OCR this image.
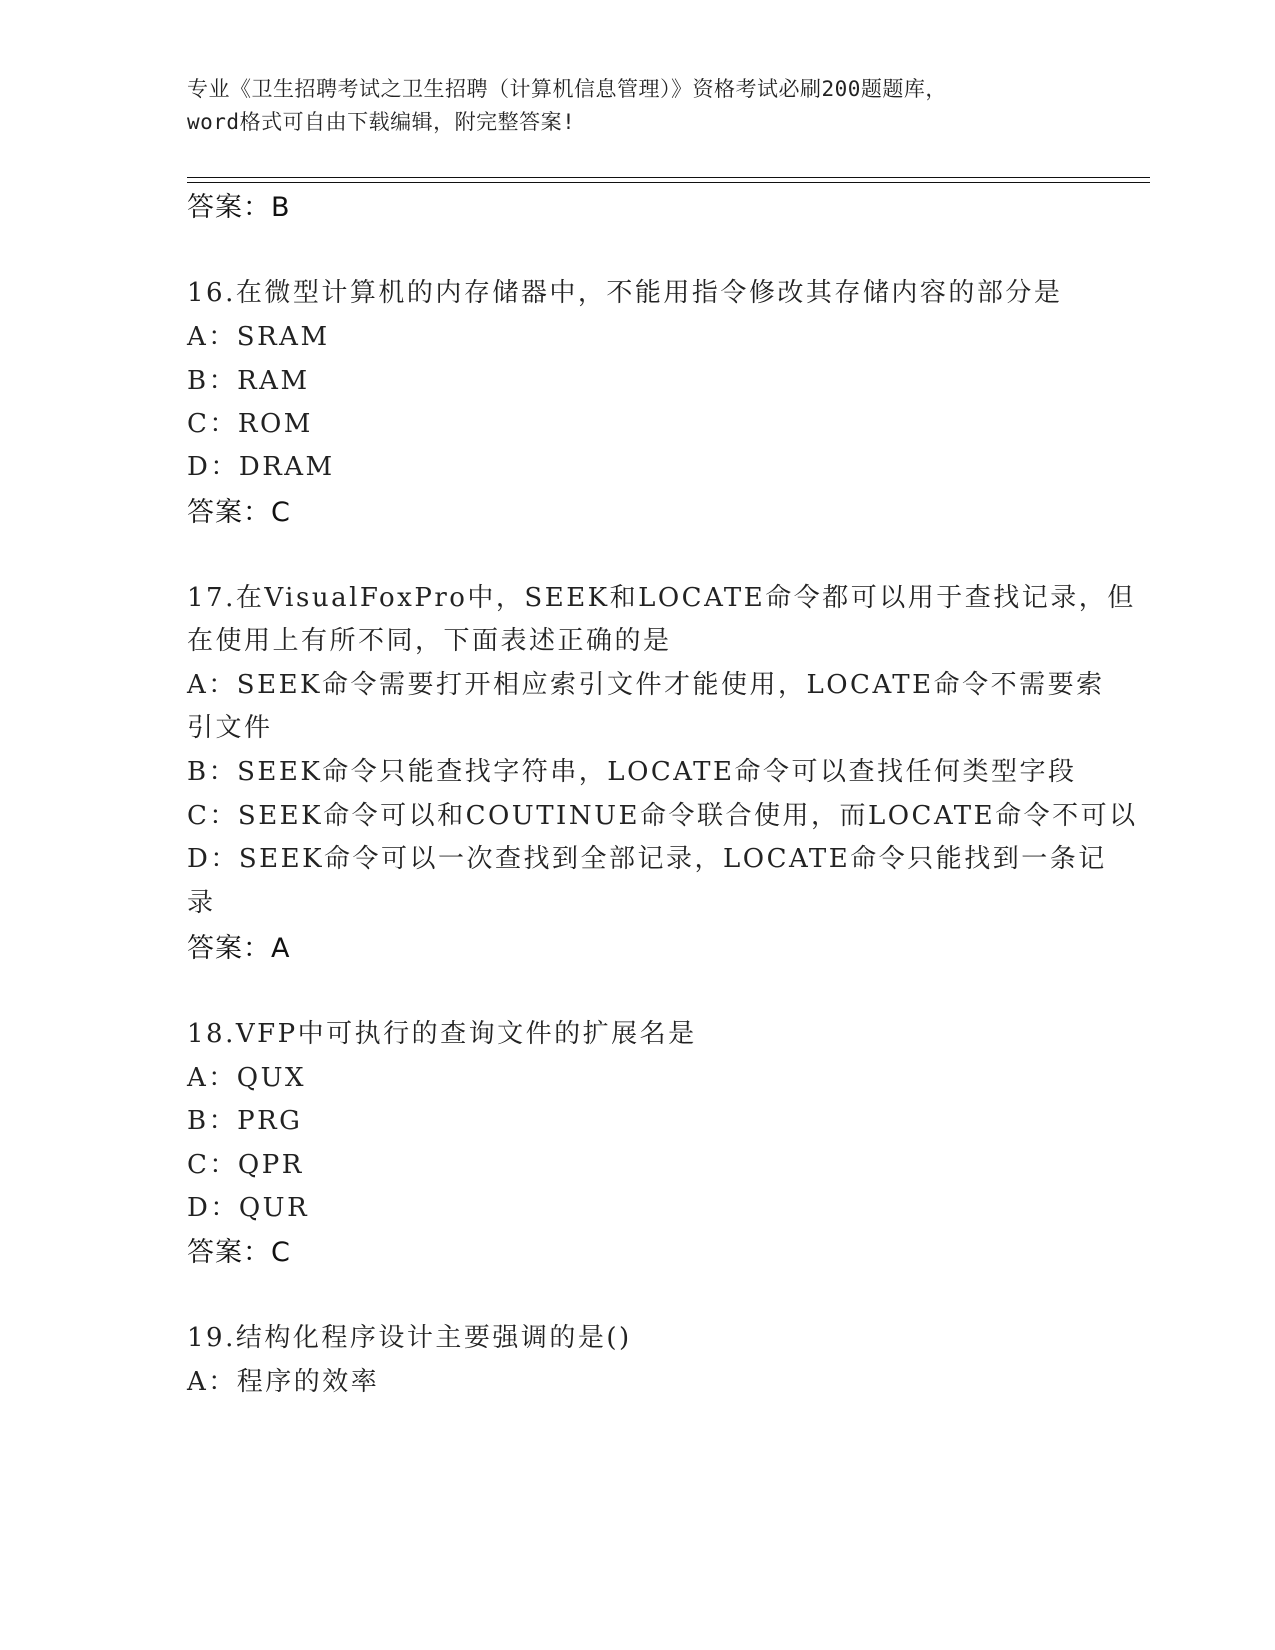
专业《卫生招聘考试之卫生招聘（计算机信息管理）》资格考试必刷200题题库，
word格式可自由下载编辑，附完整答案!
答案：B
16.在微型计算机的内存储器中，不能用指令修改其存储内容的部分是
A：SRAM
B：RAM
C：ROM
D：DRAM
答案：C
17.在VisualFoxPro中，SEEK和LOCATE命令都可以用于查找记录，但
在使用上有所不同，下面表述正确的是
A：SEEK命令需要打开相应索引文件才能使用，LOCATE命令不需要索
引文件
B：SEEK命令只能查找字符串，LOCATE命令可以查找任何类型字段
C：SEEK命令可以和COUTINUE命令联合使用，而LOCATE命令不可以
D：SEEK命令可以一次查找到全部记录，LOCATE命令只能找到一条记
录
答案：A
18.VFP中可执行的查询文件的扩展名是
A：QUX
B：PRG
C：QPR
D：QUR
答案：C
19.结构化程序设计主要强调的是()
A：程序的效率
